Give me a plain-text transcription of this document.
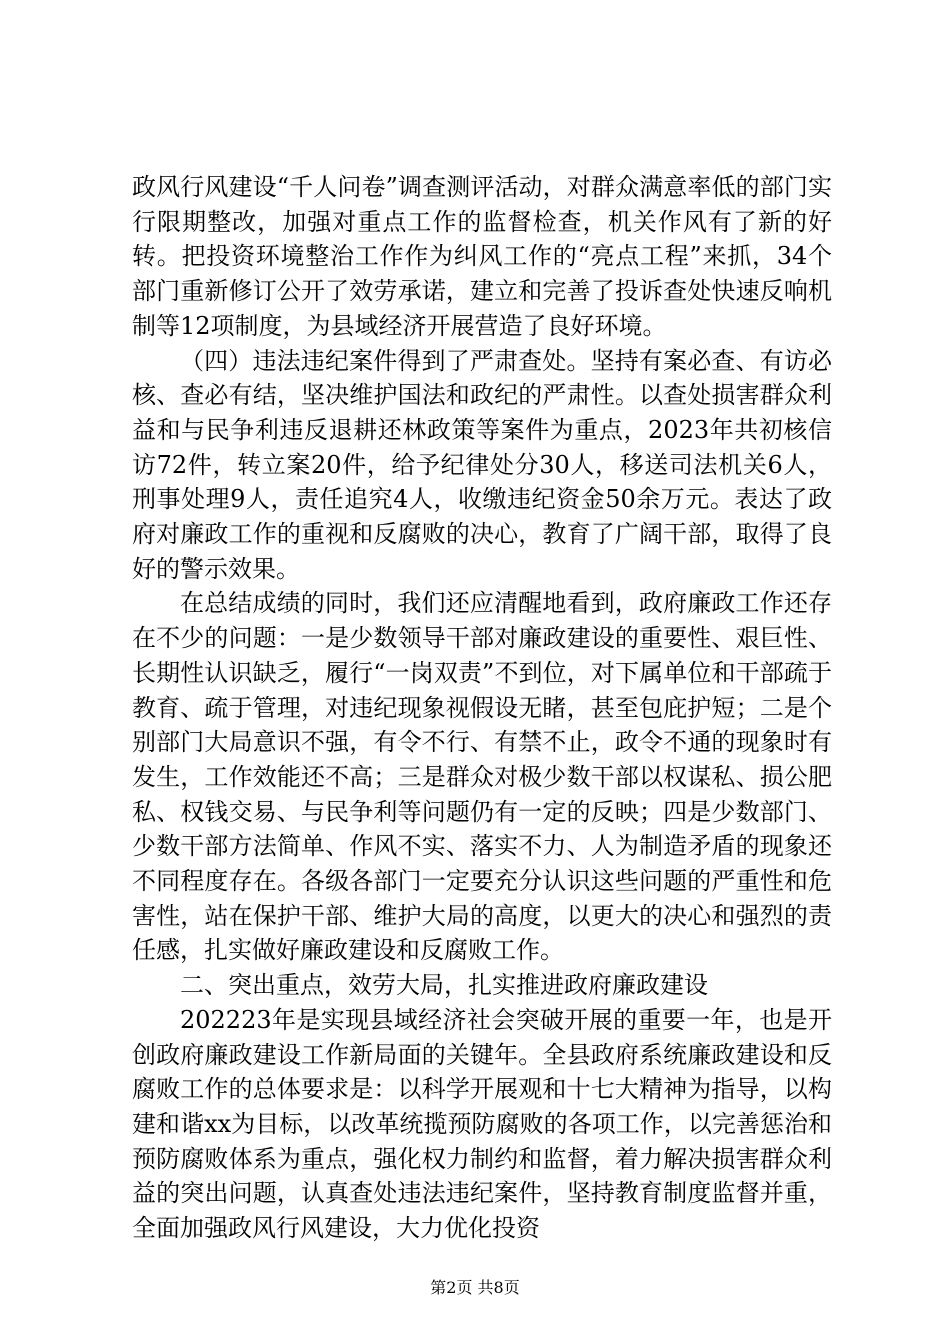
政风行风建设“千人问卷”调查测评活动，对群众满意率低的部门实行限期整改，加强对重点工作的监督检查，机关作风有了新的好转。把投资环境整治工作作为纠风工作的“亮点工程”来抓，34个部门重新修订公开了效劳承诺，建立和完善了投诉查处快速反响机制等12项制度，为县域经济开展营造了良好环境。

（四）违法违纪案件得到了严肃查处。坚持有案必查、有访必核、查必有结，坚决维护国法和政纪的严肃性。以查处损害群众利益和与民争利违反退耕还林政策等案件为重点，2023年共初核信访72件，转立案20件，给予纪律处分30人，移送司法机关6人，刑事处理9人，责任追究4人，收缴违纪资金50余万元。表达了政府对廉政工作的重视和反腐败的决心，教育了广阔干部，取得了良好的警示效果。

在总结成绩的同时，我们还应清醒地看到，政府廉政工作还存在不少的问题：一是少数领导干部对廉政建设的重要性、艰巨性、长期性认识缺乏，履行“一岗双责”不到位，对下属单位和干部疏于教育、疏于管理，对违纪现象视假设无睹，甚至包庇护短；二是个别部门大局意识不强，有令不行、有禁不止，政令不通的现象时有发生，工作效能还不高；三是群众对极少数干部以权谋私、损公肥私、权钱交易、与民争利等问题仍有一定的反映；四是少数部门、少数干部方法简单、作风不实、落实不力、人为制造矛盾的现象还不同程度存在。各级各部门一定要充分认识这些问题的严重性和危害性，站在保护干部、维护大局的高度，以更大的决心和强烈的责任感，扎实做好廉政建设和反腐败工作。

二、突出重点，效劳大局，扎实推进政府廉政建设

202223年是实现县域经济社会突破开展的重要一年，也是开创政府廉政建设工作新局面的关键年。全县政府系统廉政建设和反腐败工作的总体要求是：以科学开展观和十七大精神为指导，以构建和谐xx为目标，以改革统揽预防腐败的各项工作，以完善惩治和预防腐败体系为重点，强化权力制约和监督，着力解决损害群众利益的突出问题，认真查处违法违纪案件，坚持教育制度监督并重，全面加强政风行风建设，大力优化投资

第2页 共8页
